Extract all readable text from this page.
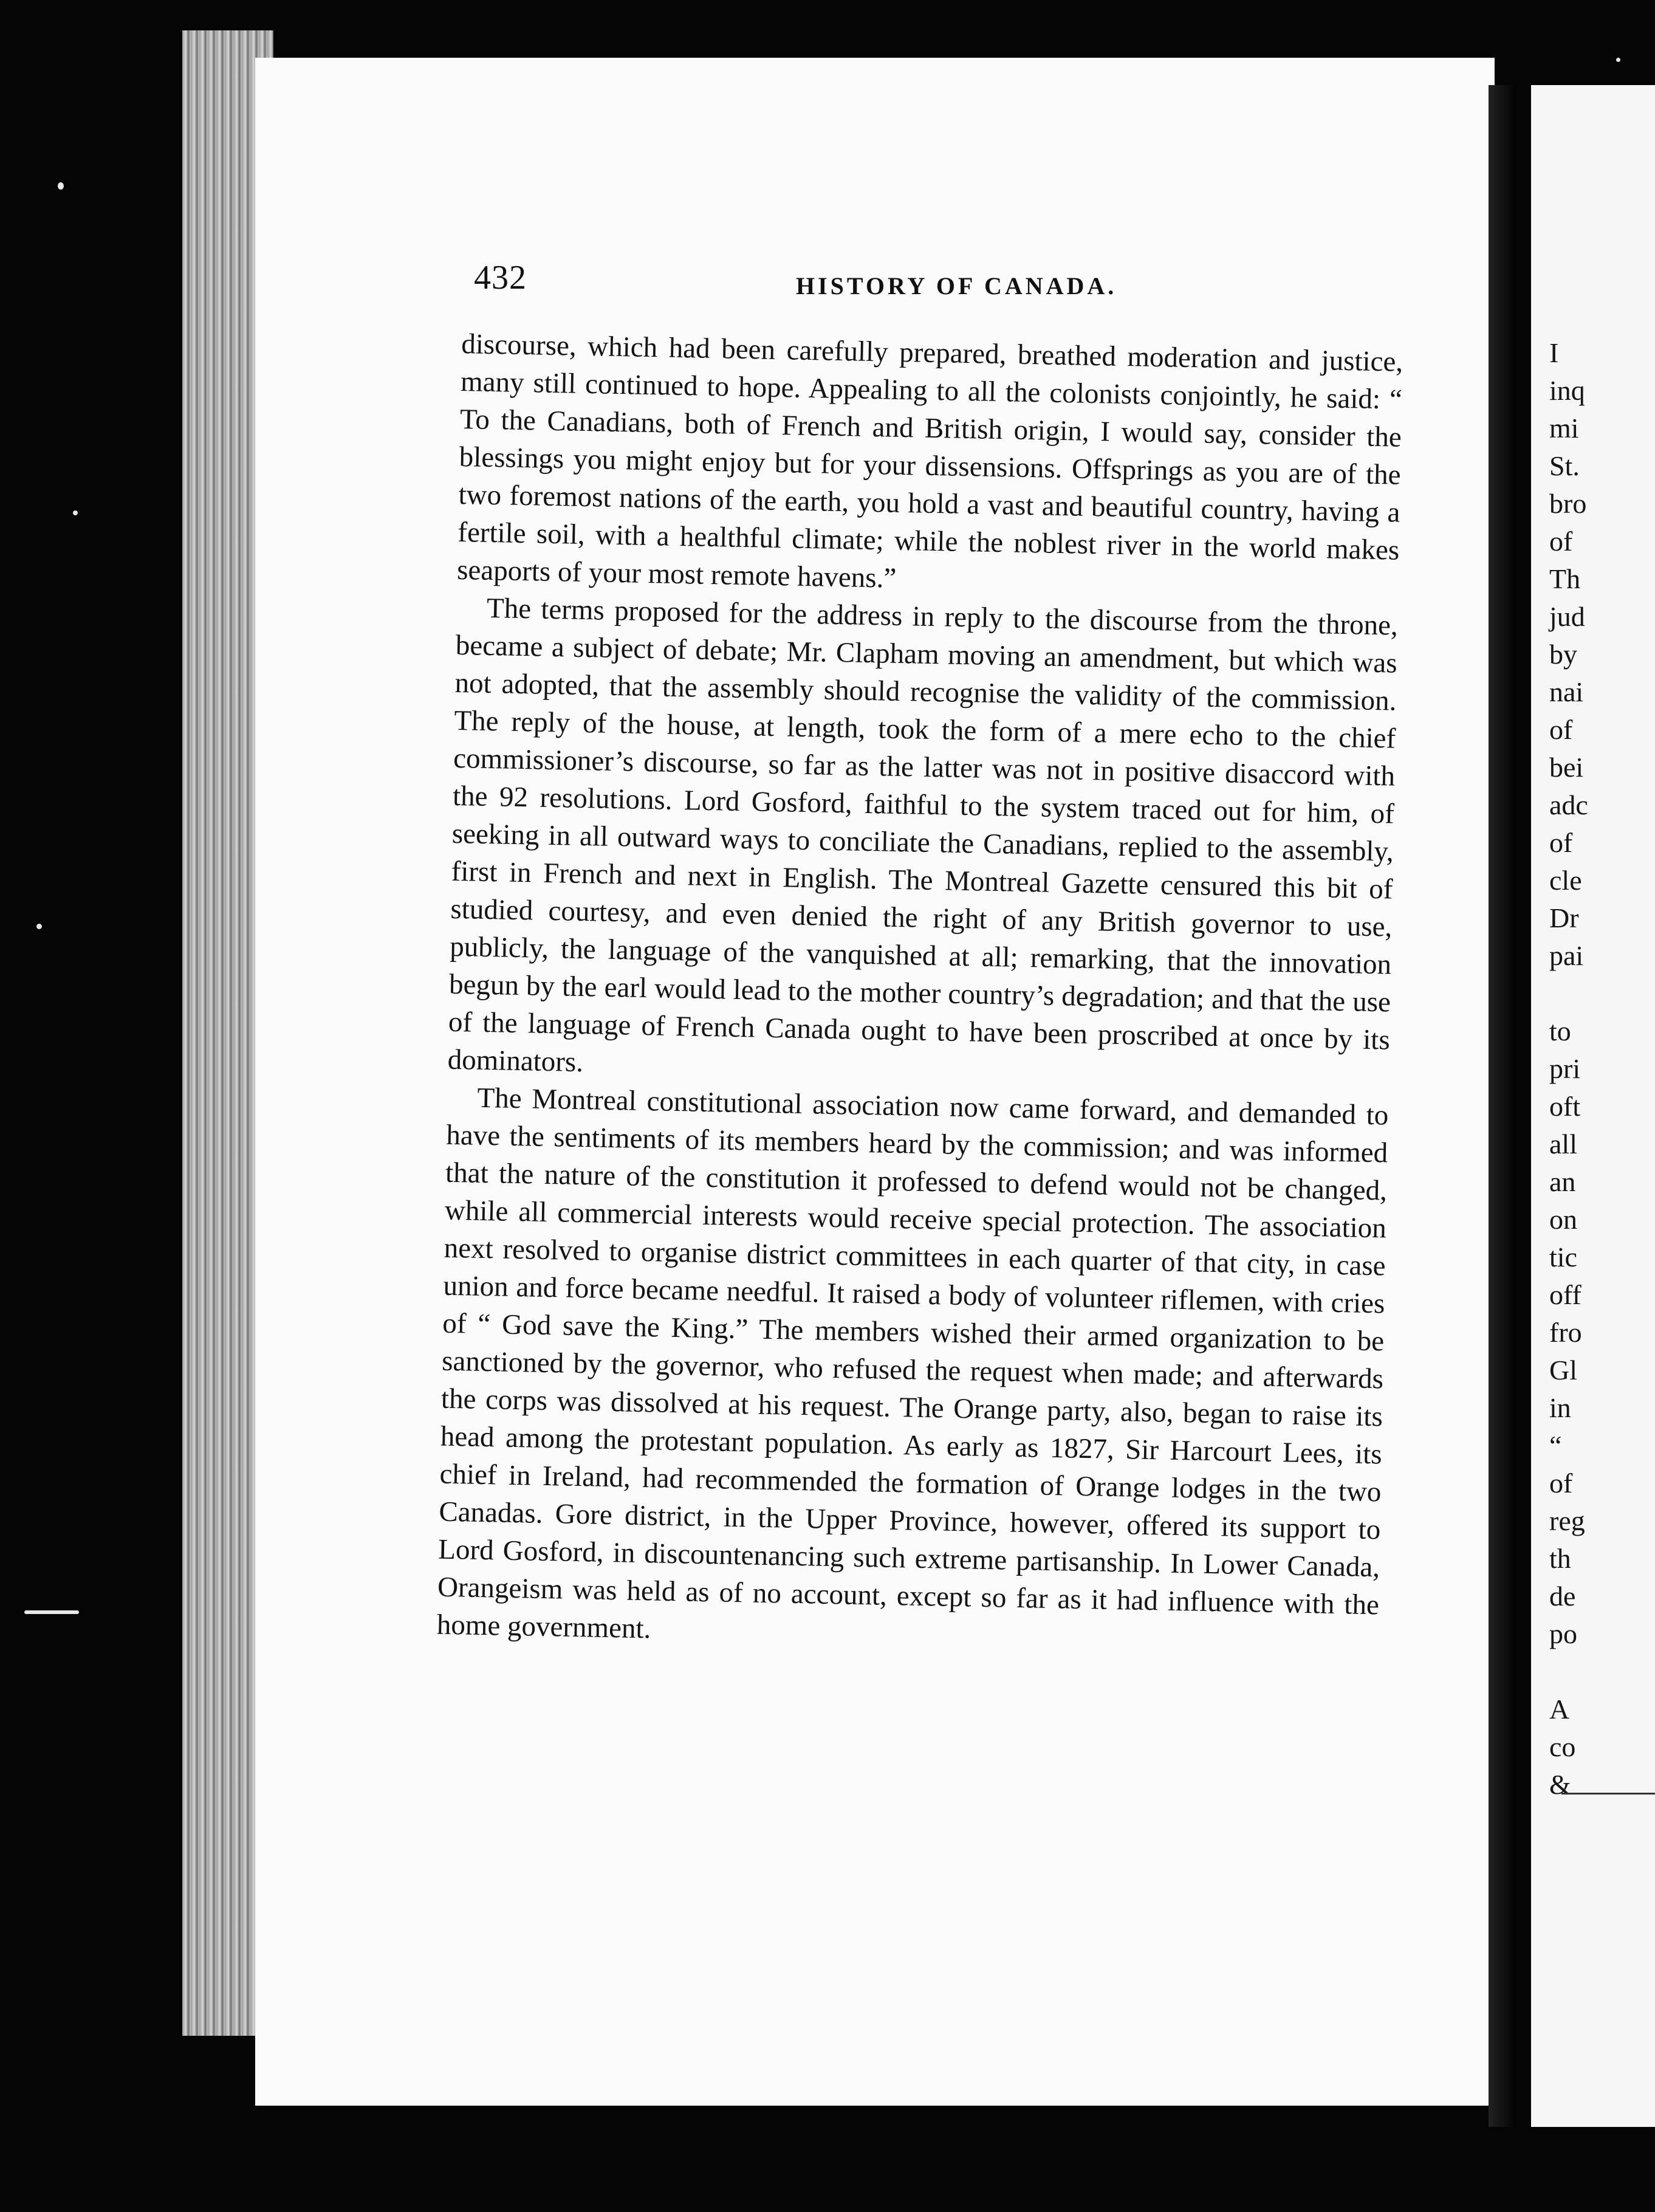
I
inq
mi
St.
bro
of
Th
jud
by
nai
of
bei
adc
of
cle
Dr
pai
to
pri
oft
all
an
on
tic
off
fro
Gl
in
“
of
reg
th
de
po
A
co
&
432	HISTORY OF CANADA.

discourse, which had been carefully prepared, breathed moderation and justice, many still continued to hope. Appealing to all the colonists conjointly, he said: “ To the Canadians, both of French and British origin, I would say, consider the blessings you might enjoy but for your dissensions. Offsprings as you are of the two foremost nations of the earth, you hold a vast and beautiful country, having a fertile soil, with a healthful climate; while the noblest river in the world makes seaports of your most remote havens.”

The terms proposed for the address in reply to the discourse from the throne, became a subject of debate; Mr. Clapham moving an amendment, but which was not adopted, that the assembly should recognise the validity of the commission. The reply of the house, at length, took the form of a mere echo to the chief commissioner’s discourse, so far as the latter was not in positive disaccord with the 92 resolutions. Lord Gosford, faithful to the system traced out for him, of seeking in all outward ways to conciliate the Canadians, replied to the assembly, first in French and next in English. The Montreal Gazette censured this bit of studied courtesy, and even denied the right of any British governor to use, publicly, the language of the vanquished at all; remarking, that the innovation begun by the earl would lead to the mother country’s degradation; and that the use of the language of French Canada ought to have been proscribed at once by its dominators.

The Montreal constitutional association now came forward, and demanded to have the sentiments of its members heard by the commission; and was informed that the nature of the constitution it professed to defend would not be changed, while all commercial interests would receive special protection. The association next resolved to organise district committees in each quarter of that city, in case union and force became needful. It raised a body of volunteer riflemen, with cries of “ God save the King.” The members wished their armed organization to be sanctioned by the governor, who refused the request when made; and afterwards the corps was dissolved at his request. The Orange party, also, began to raise its head among the protestant population. As early as 1827, Sir Harcourt Lees, its chief in Ireland, had recommended the formation of Orange lodges in the two Canadas. Gore district, in the Upper Province, however, offered its support to Lord Gosford, in discountenancing such extreme partisanship. In Lower Canada, Orangeism was held as of no account, except so far as it had influence with the home government.
